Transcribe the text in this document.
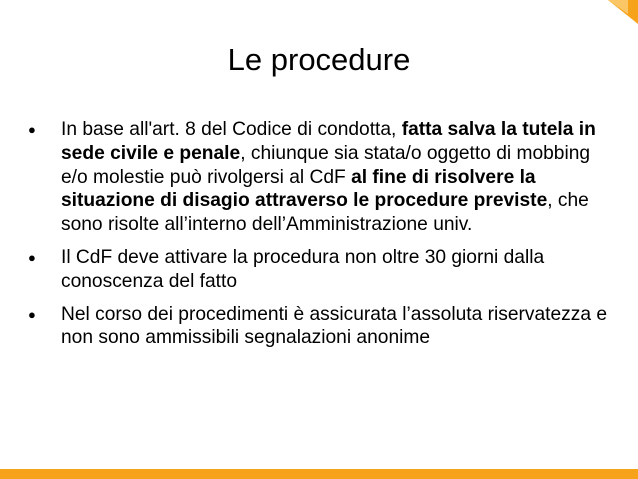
Le procedure
● In base all'art. 8 del Codice di condotta, fatta salva la tutela in sede civile e penale, chiunque sia stata/o oggetto di mobbing e/o molestie può rivolgersi al CdF al fine di risolvere la situazione di disagio attraverso le procedure previste, che sono risolte all’interno dell’Amministrazione univ.
● Il CdF deve attivare la procedura non oltre 30 giorni dalla conoscenza del fatto
● Nel corso dei procedimenti è assicurata l’assoluta riservatezza e non sono ammissibili segnalazioni anonime
